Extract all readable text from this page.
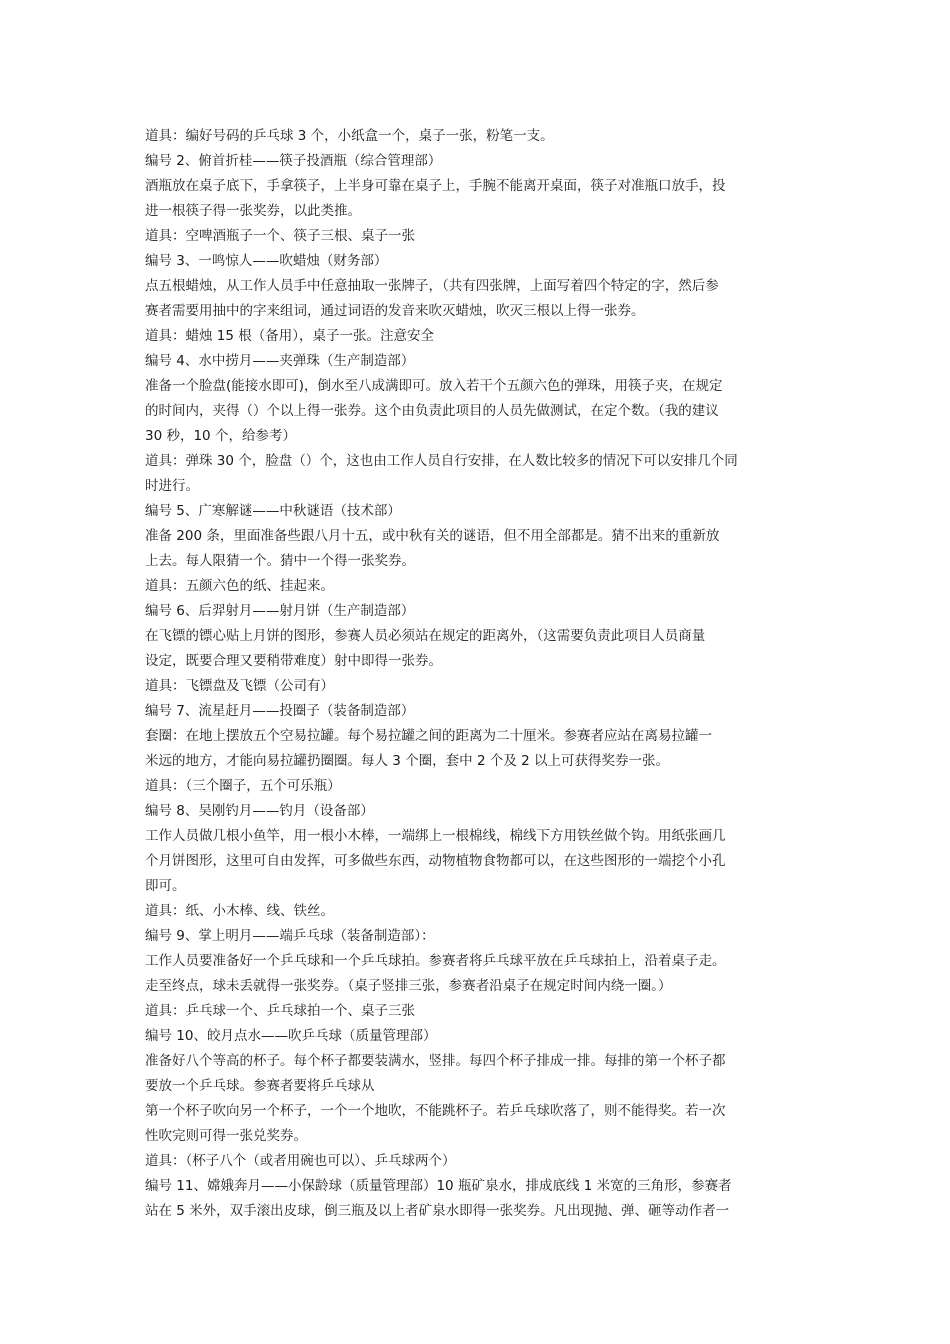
道具：编好号码的乒乓球 3 个，小纸盒一个，桌子一张，粉笔一支。

编号 2、俯首折桂——筷子投酒瓶（综合管理部）

酒瓶放在桌子底下，手拿筷子，上半身可靠在桌子上，手腕不能离开桌面，筷子对准瓶口放手，投

进一根筷子得一张奖券，以此类推。

道具：空啤酒瓶子一个、筷子三根、桌子一张

编号 3、一鸣惊人——吹蜡烛（财务部）

点五根蜡烛，从工作人员手中任意抽取一张牌子，（共有四张牌，上面写着四个特定的字，然后参

赛者需要用抽中的字来组词，通过词语的发音来吹灭蜡烛，吹灭三根以上得一张券。

道具：蜡烛 15 根（备用），桌子一张。注意安全

编号 4、水中捞月——夹弹珠（生产制造部）

准备一个脸盘(能接水即可)，倒水至八成满即可。放入若干个五颜六色的弹珠，用筷子夹，在规定

的时间内，夹得（）个以上得一张券。这个由负责此项目的人员先做测试，在定个数。（我的建议

30 秒，10 个，给参考）

道具：弹珠 30 个，脸盘（）个，这也由工作人员自行安排，在人数比较多的情况下可以安排几个同

时进行。

编号 5、广寒解谜——中秋谜语（技术部）

准备 200 条，里面准备些跟八月十五，或中秋有关的谜语，但不用全部都是。猜不出来的重新放

上去。每人限猜一个。猜中一个得一张奖券。

道具：五颜六色的纸、挂起来。

编号 6、后羿射月——射月饼（生产制造部）

在飞镖的镖心贴上月饼的图形，参赛人员必须站在规定的距离外，（这需要负责此项目人员商量

设定，既要合理又要稍带难度）射中即得一张券。

道具：飞镖盘及飞镖（公司有）

编号 7、流星赶月——投圈子（装备制造部）

套圈：在地上摆放五个空易拉罐。每个易拉罐之间的距离为二十厘米。参赛者应站在离易拉罐一

米远的地方，才能向易拉罐扔圈圈。每人 3 个圈，套中 2 个及 2 以上可获得奖券一张。

道具：（三个圈子，五个可乐瓶）

编号 8、吴刚钓月——钓月（设备部）

工作人员做几根小鱼竿，用一根小木棒，一端绑上一根棉线，棉线下方用铁丝做个钩。用纸张画几

个月饼图形，这里可自由发挥，可多做些东西，动物植物食物都可以，在这些图形的一端挖个小孔

即可。

道具：纸、小木棒、线、铁丝。

编号 9、掌上明月——端乒乓球（装备制造部）：

工作人员要准备好一个乒乓球和一个乒乓球拍。参赛者将乒乓球平放在乒乓球拍上，沿着桌子走。

走至终点，球未丢就得一张奖券。（桌子竖排三张，参赛者沿桌子在规定时间内绕一圈。）

道具：乒乓球一个、乒乓球拍一个、桌子三张

编号 10、皎月点水——吹乒乓球（质量管理部）

准备好八个等高的杯子。每个杯子都要装满水，竖排。每四个杯子排成一排。每排的第一个杯子都

要放一个乒乓球。参赛者要将乒乓球从

第一个杯子吹向另一个杯子，一个一个地吹，不能跳杯子。若乒乓球吹落了，则不能得奖。若一次

性吹完则可得一张兑奖券。

道具：（杯子八个（或者用碗也可以）、乒乓球两个）

编号 11、嫦娥奔月——小保龄球（质量管理部）10 瓶矿泉水，排成底线 1 米宽的三角形，参赛者

站在 5 米外，双手滚出皮球，倒三瓶及以上者矿泉水即得一张奖券。凡出现抛、弹、砸等动作者一
